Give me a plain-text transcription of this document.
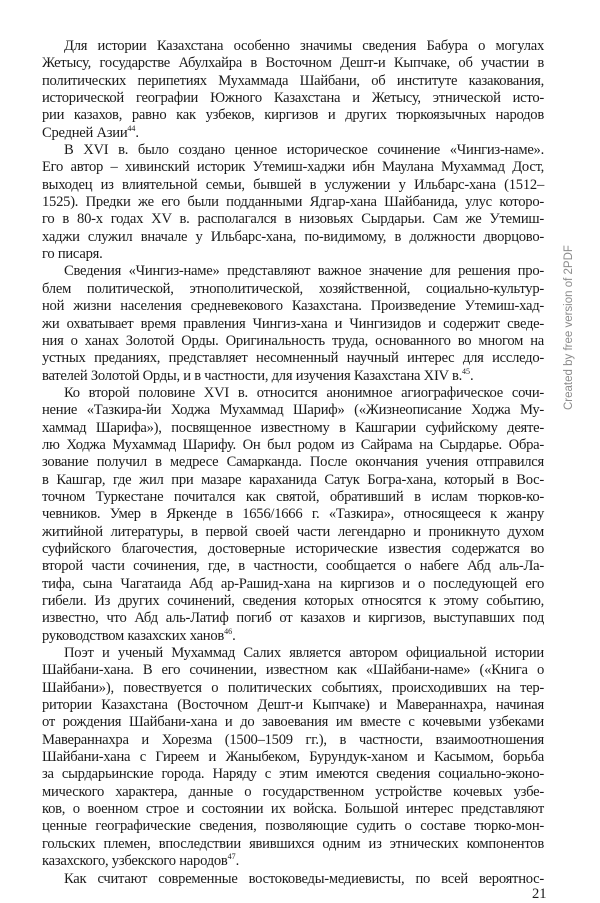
Для истории Казахстана особенно значимы сведения Бабура о могулах
Жетысу, государстве Абулхайра в Восточном Дешт-и Кыпчаке, об участии в
политических перипетиях Мухаммада Шайбани, об институте казакования,
исторической географии Южного Казахстана и Жетысу, этнической исто-
рии казахов, равно как узбеков, киргизов и других тюркоязычных народов
Средней Азии$^{44}$.
В XVI в. было создано ценное историческое сочинение «Чингиз-наме».
Его автор – хивинский историк Утемиш-хаджи ибн Маулана Мухаммад Дост,
выходец из влиятельной семьи, бывшей в услужении у Ильбарс-хана (1512–
1525). Предки же его были подданными Ядгар-хана Шайбанида, улус которо-
го в 80-х годах XV в. располагался в низовьях Сырдарьи. Сам же Утемиш-
хаджи служил вначале у Ильбарс-хана, по-видимому, в должности дворцово-
го писаря.
Сведения «Чингиз-наме» представляют важное значение для решения про-
блем политической, этнополитической, хозяйственной, социально-культур-
ной жизни населения средневекового Казахстана. Произведение Утемиш-хад-
жи охватывает время правления Чингиз-хана и Чингизидов и содержит сведе-
ния о ханах Золотой Орды. Оригинальность труда, основанного во многом на
устных преданиях, представляет несомненный научный интерес для исследо-
вателей Золотой Орды, и в частности, для изучения Казахстана XIV в.$^{45}$.
Ко второй половине XVI в. относится анонимное агиографическое сочи-
нение «Тазкира-йи Ходжа Мухаммад Шариф» («Жизнеописание Ходжа Му-
хаммад Шарифа»), посвященное известному в Кашгарии суфийскому деяте-
лю Ходжа Мухаммад Шарифу. Он был родом из Сайрама на Сырдарье. Обра-
зование получил в медресе Самарканда. После окончания учения отправился
в Кашгар, где жил при мазаре караханида Сатук Богра-хана, который в Вос-
точном Туркестане почитался как святой, обративший в ислам тюрков-ко-
чевников. Умер в Яркенде в 1656/1666 г. «Тазкира», относящееся к жанру
житийной литературы, в первой своей части легендарно и проникнуто духом
суфийского благочестия, достоверные исторические известия содержатся во
второй части сочинения, где, в частности, сообщается о набеге Абд аль-Ла-
тифа, сына Чагатаида Абд ар-Рашид-хана на киргизов и о последующей его
гибели. Из других сочинений, сведения которых относятся к этому событию,
известно, что Абд аль-Латиф погиб от казахов и киргизов, выступавших под
руководством казахских ханов$^{46}$.
Поэт и ученый Мухаммад Салих является автором официальной истории
Шайбани-хана. В его сочинении, известном как «Шайбани-наме» («Книга о
Шайбани»), повествуется о политических событиях, происходивших на тер-
ритории Казахстана (Восточном Дешт-и Кыпчаке) и Мавераннахра, начиная
от рождения Шайбани-хана и до завоевания им вместе с кочевыми узбеками
Мавераннахра и Хорезма (1500–1509 гг.), в частности, взаимоотношения
Шайбани-хана с Гиреем и Жаныбеком, Бурундук-ханом и Касымом, борьба
за сырдарьинские города. Наряду с этим имеются сведения социально-эконо-
мического характера, данные о государственном устройстве кочевых узбе-
ков, о военном строе и состоянии их войска. Большой интерес представляют
ценные географические сведения, позволяющие судить о составе тюрко-мон-
гольских племен, впоследствии явившихся одним из этнических компонентов
казахского, узбекского народов$^{47}$.
Как считают современные востоковеды-медиевисты, по всей вероятнос-
Created by free version of 2PDF
21
